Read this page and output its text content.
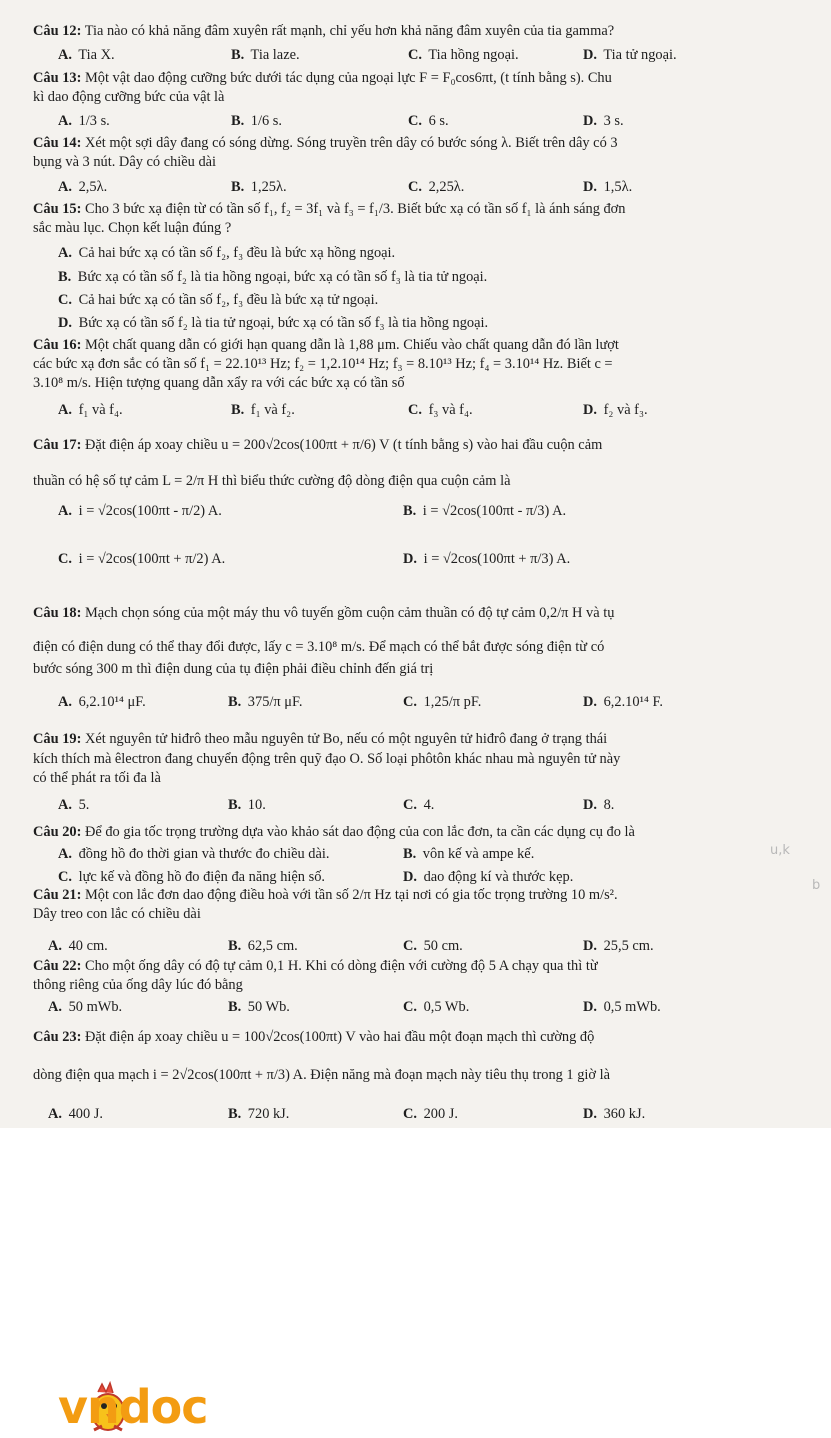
Câu 12: Tia nào có khả năng đâm xuyên rất mạnh, chỉ yếu hơn khả năng đâm xuyên của tia gamma?
A. Tia X.	B. Tia laze.	C. Tia hồng ngoại.	D. Tia tử ngoại.
Câu 13: Một vật dao động cưỡng bức dưới tác dụng của ngoại lực F = F₀cos6πt, (t tính bằng s). Chu
kì dao động cưỡng bức của vật là
A. 1/3 s.	B. 1/6 s.	C. 6 s.	D. 3 s.
Câu 14: Xét một sợi dây đang có sóng dừng. Sóng truyền trên dây có bước sóng λ. Biết trên dây có 3
bụng và 3 nút. Dây có chiều dài
A. 2,5λ.	B. 1,25λ.	C. 2,25λ.	D. 1,5λ.
Câu 15: Cho 3 bức xạ điện từ có tần số f₁, f₂ = 3f₁ và f₃ = f₁/3. Biết bức xạ có tần số f₁ là ánh sáng đơn
sắc màu lục. Chọn kết luận đúng ?
A. Cả hai bức xạ có tần số f₂, f₃ đều là bức xạ hồng ngoại.
B. Bức xạ có tần số f₂ là tia hồng ngoại, bức xạ có tần số f₃ là tia tử ngoại.
C. Cả hai bức xạ có tần số f₂, f₃ đều là bức xạ tử ngoại.
D. Bức xạ có tần số f₂ là tia tử ngoại, bức xạ có tần số f₃ là tia hồng ngoại.
Câu 16: Một chất quang dẫn có giới hạn quang dẫn là 1,88 μm. Chiếu vào chất quang dẫn đó lần lượt
các bức xạ đơn sắc có tần số f₁ = 22.10¹³ Hz; f₂ = 1,2.10¹⁴ Hz; f₃ = 8.10¹³ Hz; f₄ = 3.10¹⁴ Hz. Biết c =
3.10⁸ m/s. Hiện tượng quang dẫn xẩy ra với các bức xạ có tần số
A. f₁ và f₄.	B. f₁ và f₂.	C. f₃ và f₄.	D. f₂ và f₃.
Câu 17: Đặt điện áp xoay chiều u = 200√2cos(100πt + π/6) V (t tính bằng s) vào hai đầu cuộn cảm
thuần có hệ số tự cảm L = 2/π H thì biểu thức cường độ dòng điện qua cuộn cảm là
A. i = √2cos(100πt - π/2) A.	B. i = √2cos(100πt - π/3) A.
C. i = √2cos(100πt + π/2) A.	D. i = √2cos(100πt + π/3) A.
Câu 18: Mạch chọn sóng của một máy thu vô tuyến gồm cuộn cảm thuần có độ tự cảm 0,2/π H và tụ
điện có điện dung có thể thay đổi được, lấy c = 3.10⁸ m/s. Để mạch có thể bắt được sóng điện từ có
bước sóng 300 m thì điện dung của tụ điện phải điều chỉnh đến giá trị
A. 6,2.10¹⁴ μF.	B. 375/π μF.	C. 1,25/π pF.	D. 6,2.10¹⁴ F.
Câu 19: Xét nguyên tử hiđrô theo mẫu nguyên tử Bo, nếu có một nguyên tử hiđrô đang ở trạng thái
kích thích mà êlectron đang chuyển động trên quỹ đạo O. Số loại phôtôn khác nhau mà nguyên tử này
có thể phát ra tối đa là
A. 5.	B. 10.	C. 4.	D. 8.
Câu 20: Để đo gia tốc trọng trường dựa vào khảo sát dao động của con lắc đơn, ta cần các dụng cụ đo là
A. đồng hồ đo thời gian và thước đo chiều dài.	B. vôn kế và ampe kế.
C. lực kế và đồng hồ đo điện đa năng hiện số.	D. dao động kí và thước kẹp.
Câu 21: Một con lắc đơn dao động điều hoà với tần số 2/π Hz tại nơi có gia tốc trọng trường 10 m/s².
Dây treo con lắc có chiều dài
A. 40 cm.	B. 62,5 cm.	C. 50 cm.	D. 25,5 cm.
Câu 22: Cho một ống dây có độ tự cảm 0,1 H. Khi có dòng điện với cường độ 5 A chạy qua thì từ
thông riêng của ống dây lúc đó bằng
A. 50 mWb.	B. 50 Wb.	C. 0,5 Wb.	D. 0,5 mWb.
Câu 23: Đặt điện áp xoay chiều u = 100√2cos(100πt) V vào hai đầu một đoạn mạch thì cường độ
dòng điện qua mạch i = 2√2cos(100πt + π/3) A. Điện năng mà đoạn mạch này tiêu thụ trong 1 giờ là
A. 400 J.	B. 720 kJ.	C. 200 J.	D. 360 kJ.
u,k
b
vndoc
